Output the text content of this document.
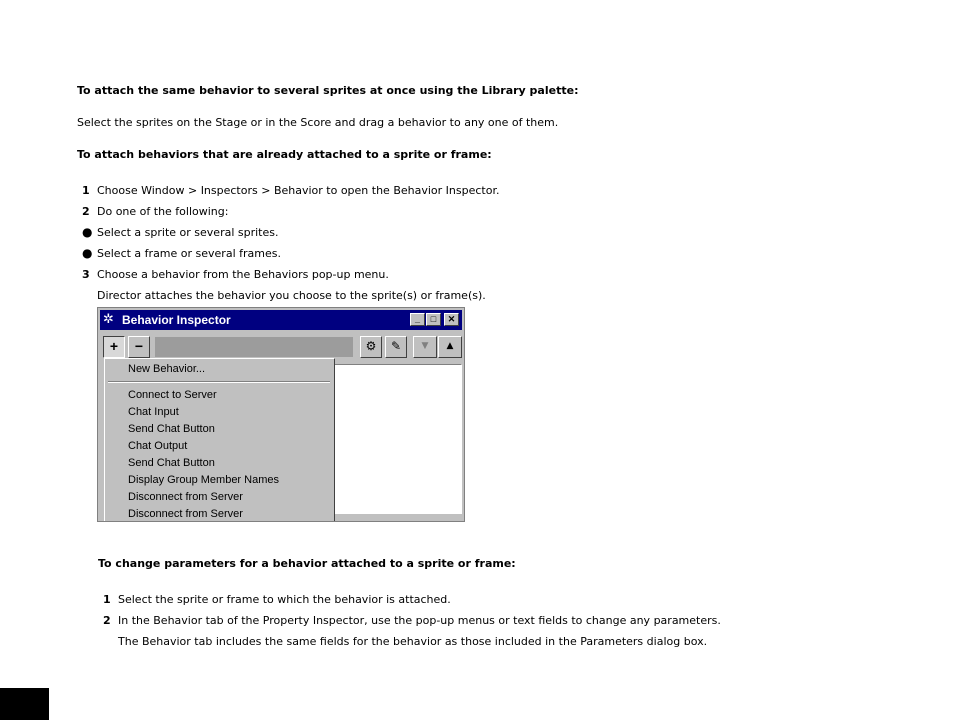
To attach the same behavior to several sprites at once using the Library palette:
Select the sprites on the Stage or in the Score and drag a behavior to any one of them.
To attach behaviors that are already attached to a sprite or frame:
1 Choose Window > Inspectors > Behavior to open the Behavior Inspector.
2 Do one of the following:
● Select a sprite or several sprites.
● Select a frame or several frames.
3 Choose a behavior from the Behaviors pop-up menu.
Director attaches the behavior you choose to the sprite(s) or frame(s).
✲ Behavior Inspector	_	□	✕
+	−	⚙	✎	▼	▲
New Behavior...
Connect to Server
Chat Input
Send Chat Button
Chat Output
Send Chat Button
Display Group Member Names
Disconnect from Server
Disconnect from Server
To change parameters for a behavior attached to a sprite or frame:
1 Select the sprite or frame to which the behavior is attached.
2 In the Behavior tab of the Property Inspector, use the pop-up menus or text fields to change any parameters.
The Behavior tab includes the same fields for the behavior as those included in the Parameters dialog box.
